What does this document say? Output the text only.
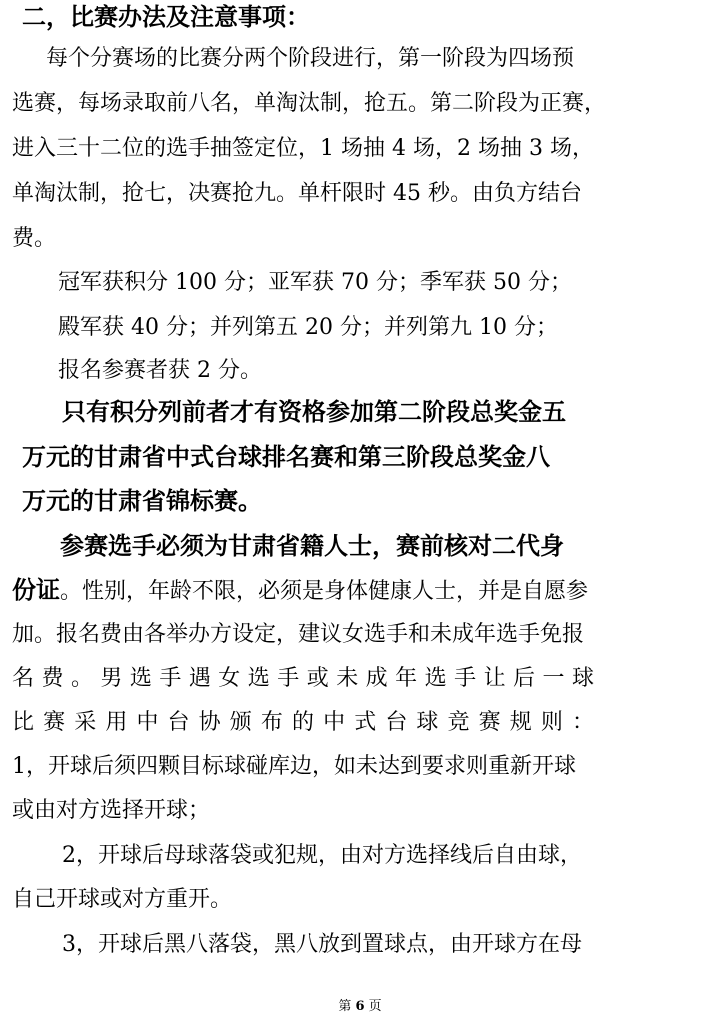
二，比赛办法及注意事项：
每个分赛场的比赛分两个阶段进行，第一阶段为四场预
选赛，每场录取前八名，单淘汰制，抢五。第二阶段为正赛，
进入三十二位的选手抽签定位，1 场抽 4 场，2 场抽 3 场，
单淘汰制，抢七，决赛抢九。单杆限时 45 秒。由负方结台
费。
冠军获积分 100 分；亚军获 70 分；季军获 50 分；
殿军获 40 分；并列第五 20 分；并列第九 10 分；
报名参赛者获 2 分。
只有积分列前者才有资格参加第二阶段总奖金五
万元的甘肃省中式台球排名赛和第三阶段总奖金八
万元的甘肃省锦标赛。
参赛选手必须为甘肃省籍人士，赛前核对二代身
份证。性别，年龄不限，必须是身体健康人士，并是自愿参
加。报名费由各举办方设定，建议女选手和未成年选手免报
名费。男选手遇女选手或未成年选手让后一球
比赛采用中台协颁布的中式台球竞赛规则：
1，开球后须四颗目标球碰库边，如未达到要求则重新开球
或由对方选择开球；
2，开球后母球落袋或犯规，由对方选择线后自由球，
自己开球或对方重开。
3，开球后黑八落袋，黑八放到置球点，由开球方在母
第 6 页
